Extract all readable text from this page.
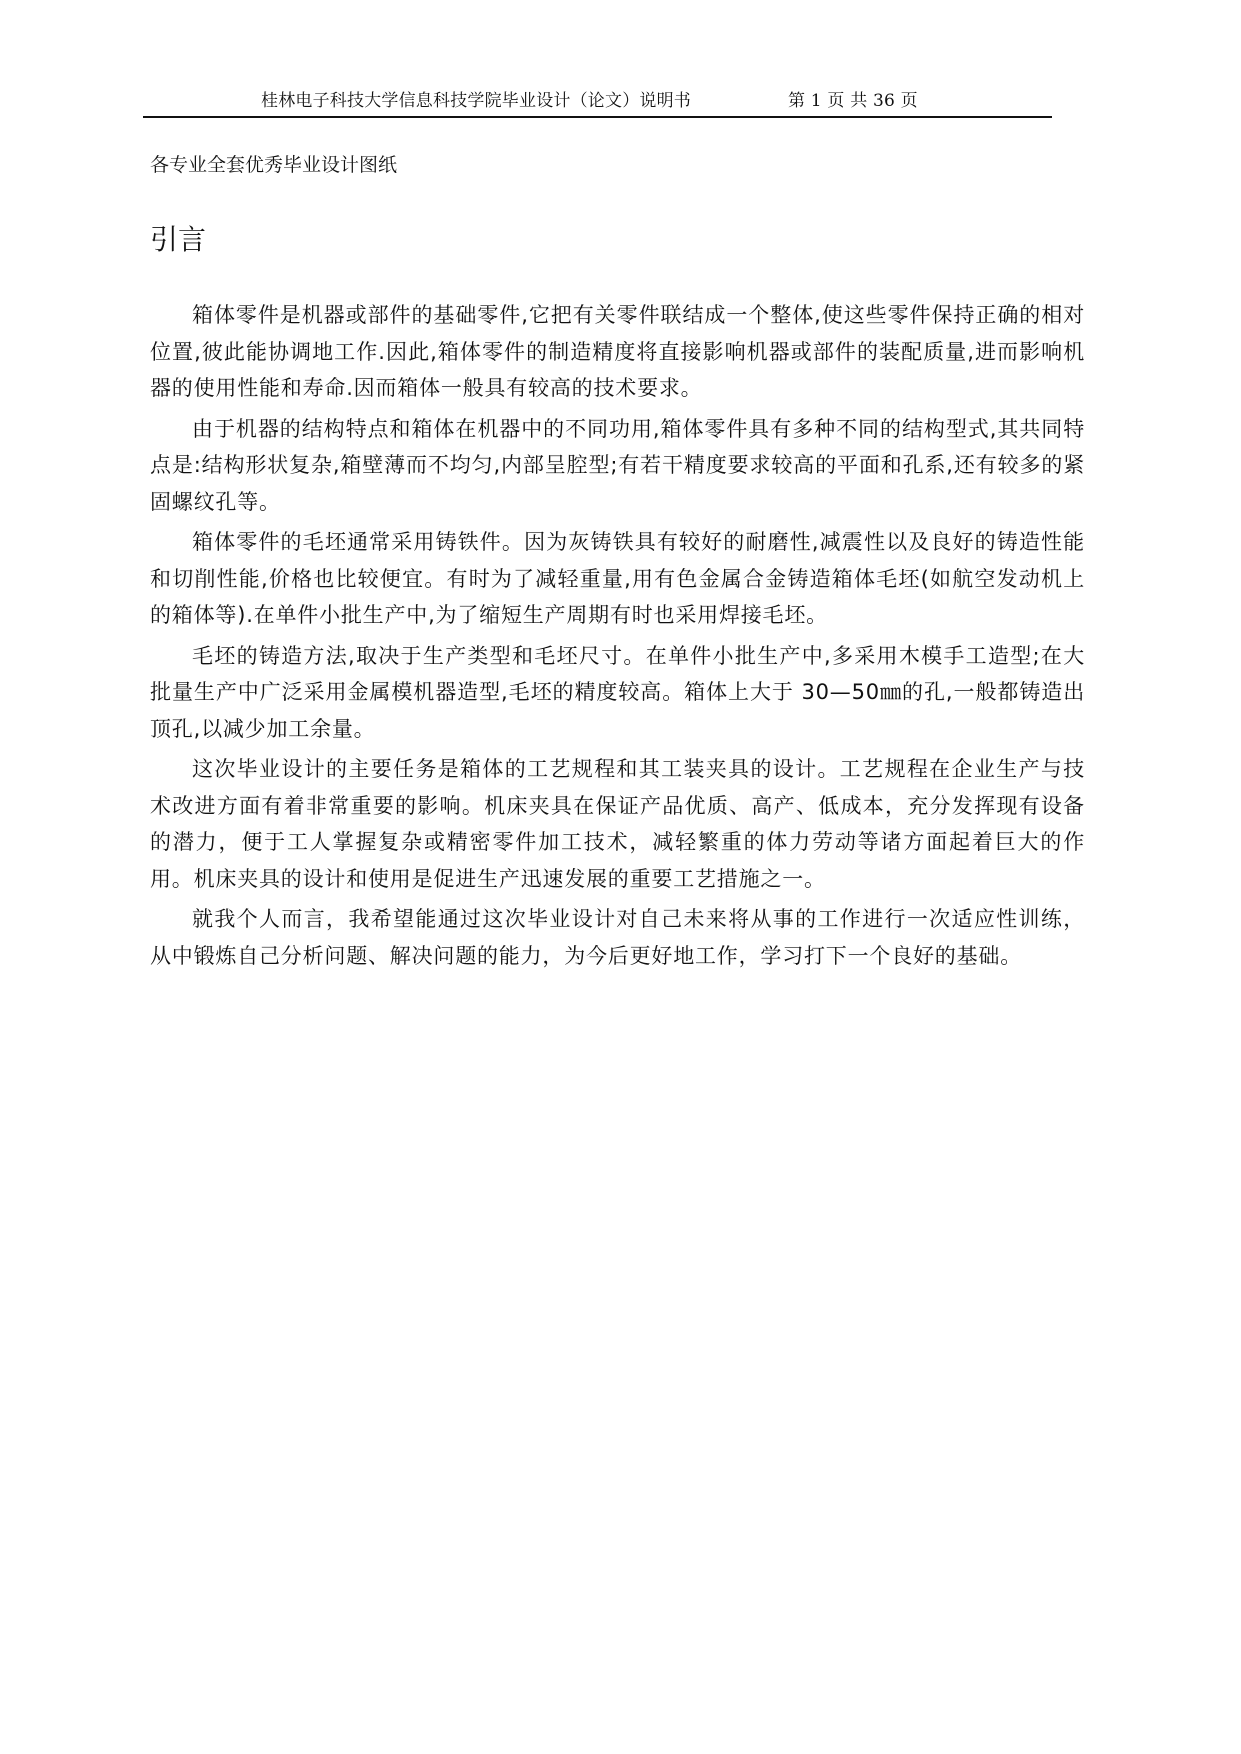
桂林电子科技大学信息科技学院毕业设计（论文）说明书	第 1 页 共 36 页
各专业全套优秀毕业设计图纸
引言

箱体零件是机器或部件的基础零件,它把有关零件联结成一个整体,使这些零件保持正确的相对位置,彼此能协调地工作.因此,箱体零件的制造精度将直接影响机器或部件的装配质量,进而影响机器的使用性能和寿命.因而箱体一般具有较高的技术要求。

由于机器的结构特点和箱体在机器中的不同功用,箱体零件具有多种不同的结构型式,其共同特点是:结构形状复杂,箱壁薄而不均匀,内部呈腔型;有若干精度要求较高的平面和孔系,还有较多的紧固螺纹孔等。

箱体零件的毛坯通常采用铸铁件。因为灰铸铁具有较好的耐磨性,减震性以及良好的铸造性能和切削性能,价格也比较便宜。有时为了减轻重量,用有色金属合金铸造箱体毛坯(如航空发动机上的箱体等).在单件小批生产中,为了缩短生产周期有时也采用焊接毛坯。

毛坯的铸造方法,取决于生产类型和毛坯尺寸。在单件小批生产中,多采用木模手工造型;在大批量生产中广泛采用金属模机器造型,毛坯的精度较高。箱体上大于 30—50㎜的孔,一般都铸造出顶孔,以减少加工余量。

这次毕业设计的主要任务是箱体的工艺规程和其工装夹具的设计。工艺规程在企业生产与技术改进方面有着非常重要的影响。机床夹具在保证产品优质、高产、低成本，充分发挥现有设备的潜力，便于工人掌握复杂或精密零件加工技术，减轻繁重的体力劳动等诸方面起着巨大的作用。机床夹具的设计和使用是促进生产迅速发展的重要工艺措施之一。

就我个人而言，我希望能通过这次毕业设计对自己未来将从事的工作进行一次适应性训练，从中锻炼自己分析问题、解决问题的能力，为今后更好地工作，学习打下一个良好的基础。
